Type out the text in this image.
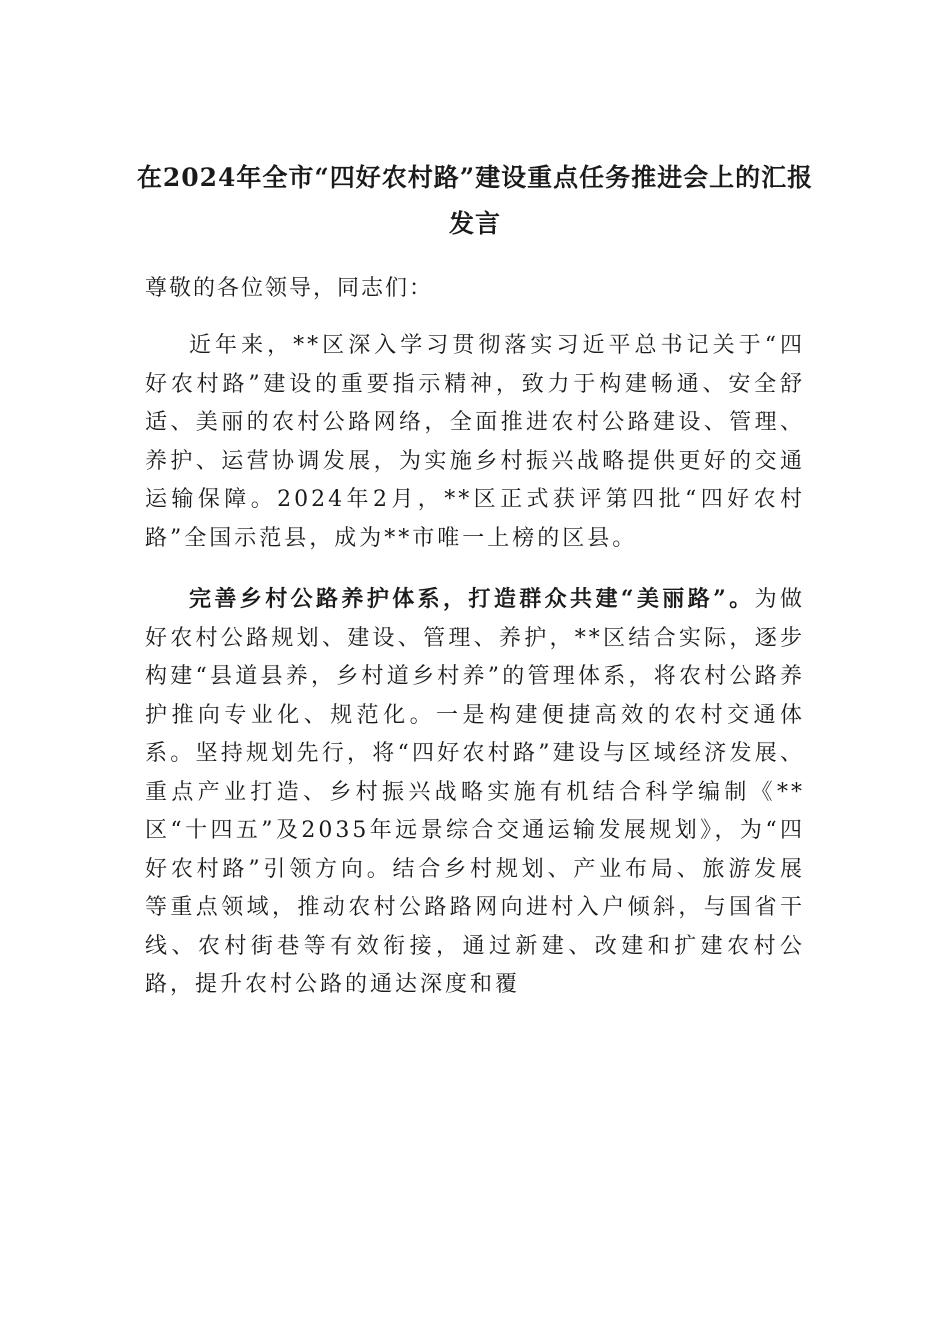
在2024年全市“四好农村路”建设重点任务推进会上的汇报发言

尊敬的各位领导，同志们：

近年来，**区深入学习贯彻落实习近平总书记关于“四好农村路”建设的重要指示精神，致力于构建畅通、安全舒适、美丽的农村公路网络，全面推进农村公路建设、管理、养护、运营协调发展，为实施乡村振兴战略提供更好的交通运输保障。2024年2月，**区正式获评第四批“四好农村路”全国示范县，成为**市唯一上榜的区县。

完善乡村公路养护体系，打造群众共建“美丽路”。为做好农村公路规划、建设、管理、养护，**区结合实际，逐步构建“县道县养，乡村道乡村养”的管理体系，将农村公路养护推向专业化、规范化。一是构建便捷高效的农村交通体系。坚持规划先行，将“四好农村路”建设与区域经济发展、重点产业打造、乡村振兴战略实施有机结合科学编制《**区“十四五”及2035年远景综合交通运输发展规划》，为“四好农村路”引领方向。结合乡村规划、产业布局、旅游发展等重点领域，推动农村公路路网向进村入户倾斜，与国省干线、农村街巷等有效衔接，通过新建、改建和扩建农村公路，提升农村公路的通达深度和覆
